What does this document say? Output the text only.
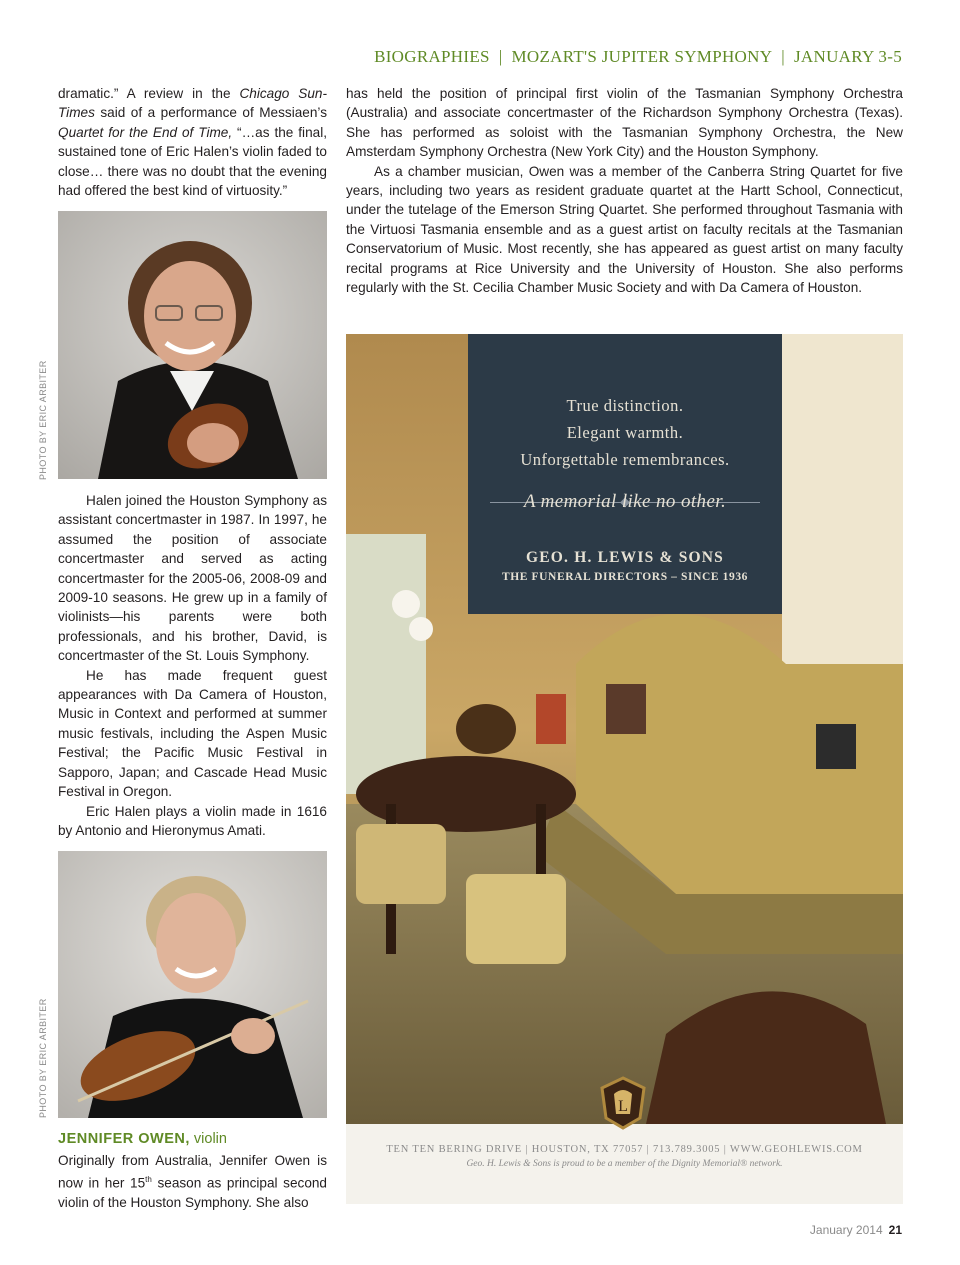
BIOGRAPHIES | MOZART'S JUPITER SYMPHONY | JANUARY 3-5

dramatic.” A review in the Chicago Sun-Times said of a performance of Messiaen’s Quartet for the End of Time, “…as the final, sustained tone of Eric Halen’s violin faded to close… there was no doubt that the evening had offered the best kind of virtuosity.”

PHOTO BY ERIC ARBITER

Halen joined the Houston Symphony as assistant concertmaster in 1987. In 1997, he assumed the position of associate concertmaster and served as acting concertmaster for the 2005-06, 2008-09 and 2009-10 seasons. He grew up in a family of violinists—his parents were both professionals, and his brother, David, is concertmaster of the St. Louis Symphony.

He has made frequent guest appearances with Da Camera of Houston, Music in Context and performed at summer music festivals, including the Aspen Music Festival; the Pacific Music Festival in Sapporo, Japan; and Cascade Head Music Festival in Oregon.

Eric Halen plays a violin made in 1616 by Antonio and Hieronymus Amati.

PHOTO BY ERIC ARBITER
JENNIFER OWEN, violin

Originally from Australia, Jennifer Owen is now in her 15th season as principal second violin of the Houston Symphony. She also

has held the position of principal first violin of the Tasmanian Symphony Orchestra (Australia) and associate concertmaster of the Richardson Symphony Orchestra (Texas). She has performed as soloist with the Tasmanian Symphony Orchestra, the New Amsterdam Symphony Orchestra (New York City) and the Houston Symphony.

As a chamber musician, Owen was a member of the Canberra String Quartet for five years, including two years as resident graduate quartet at the Hartt School, Connecticut, under the tutelage of the Emerson String Quartet. She performed throughout Tasmania with the Virtuosi Tasmania ensemble and as a guest artist on faculty recitals at the Tasmanian Conservatorium of Music. Most recently, she has appeared as guest artist on many faculty recital programs at Rice University and the University of Houston. She also performs regularly with the St. Cecilia Chamber Music Society and with Da Camera of Houston.

True distinction.
Elegant warmth.
Unforgettable remembrances.
A memorial like no other.
GEO. H. LEWIS & SONS
THE FUNERAL DIRECTORS – SINCE 1936
TEN TEN BERING DRIVE | HOUSTON, TX 77057 | 713.789.3005 | WWW.GEOHLEWIS.COM
Geo. H. Lewis & Sons is proud to be a member of the Dignity Memorial® network.
L
January 2014 21
